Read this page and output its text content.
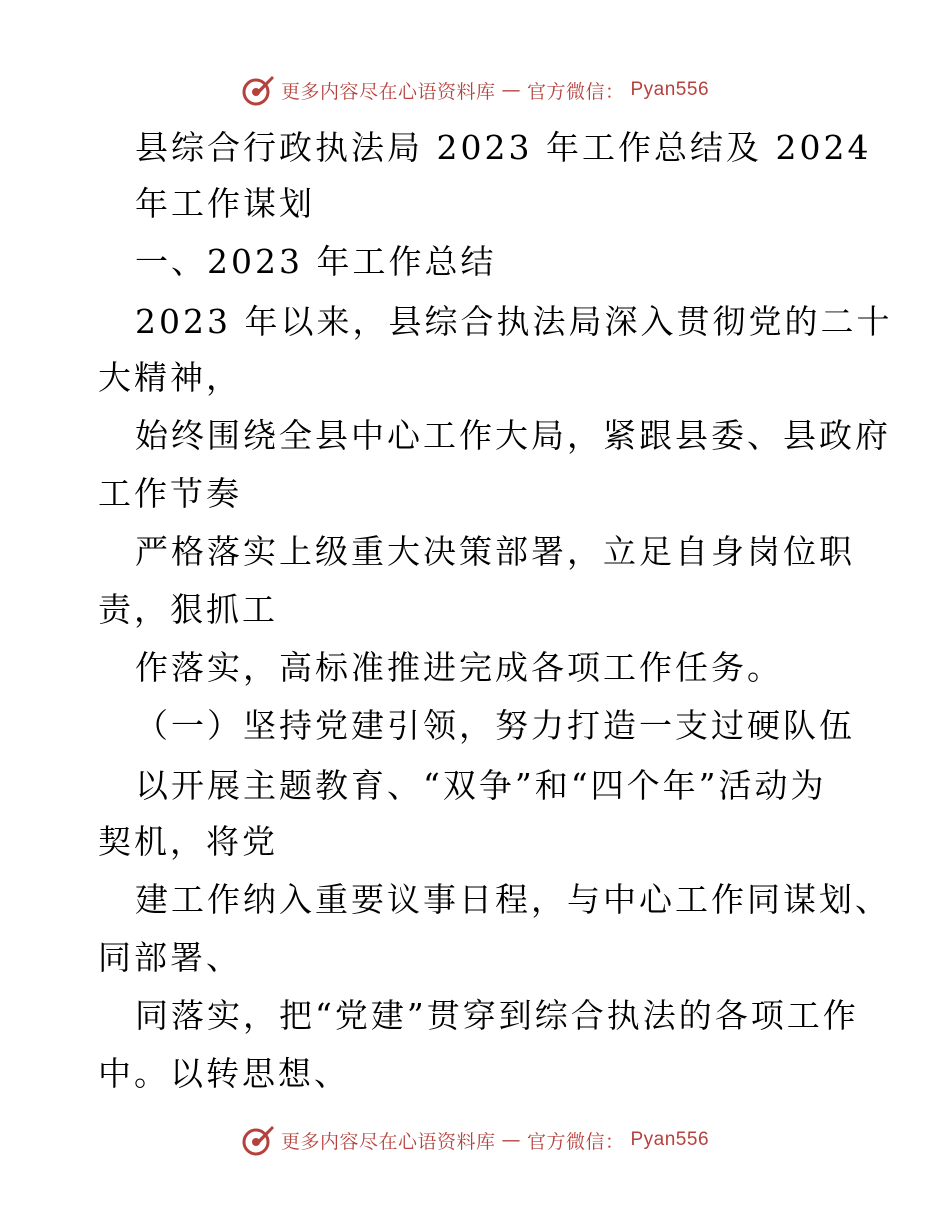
更多内容尽在心语资料库 — 官方微信： Pyan556
县综合行政执法局 2023 年工作总结及 2024
年工作谋划
一、2023 年工作总结
2023 年以来，县综合执法局深入贯彻党的二十
大精神，
始终围绕全县中心工作大局，紧跟县委、县政府
工作节奏
严格落实上级重大决策部署，立足自身岗位职
责，狠抓工
作落实，高标准推进完成各项工作任务。
（一）坚持党建引领，努力打造一支过硬队伍
以开展主题教育、“双争”和“四个年”活动为
契机，将党
建工作纳入重要议事日程，与中心工作同谋划、
同部署、
同落实，把“党建”贯穿到综合执法的各项工作
中。以转思想、
更多内容尽在心语资料库 — 官方微信： Pyan556
